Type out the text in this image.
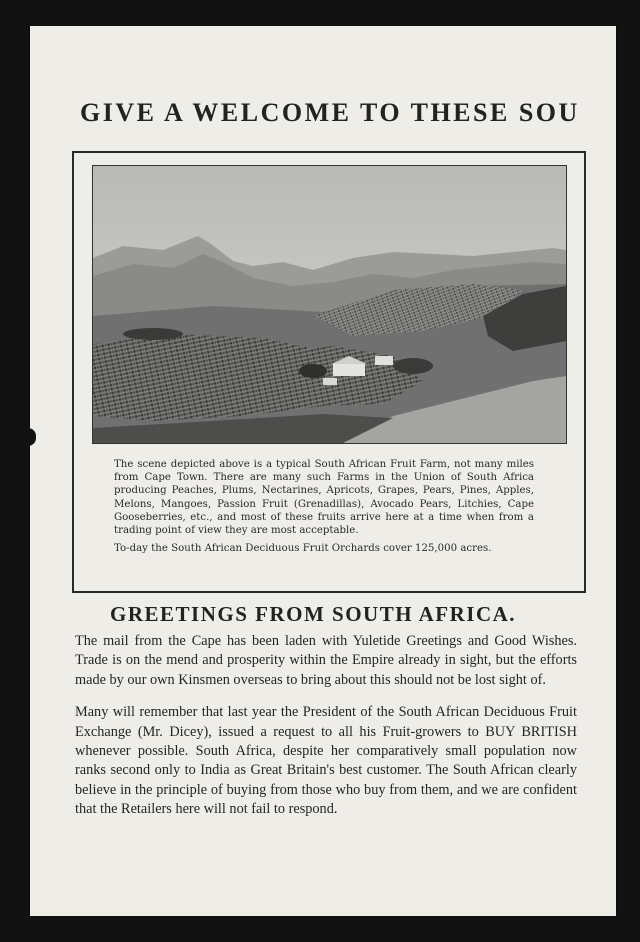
GIVE A WELCOME TO THESE SOU

The scene depicted above is a typical South African Fruit Farm, not many miles from Cape Town. There are many such Farms in the Union of South Africa producing Peaches, Plums, Nectarines, Apricots, Grapes, Pears, Pines, Apples, Melons, Mangoes, Passion Fruit (Grenadillas), Avocado Pears, Litchies, Cape Gooseberries, etc., and most of these fruits arrive here at a time when from a trading point of view they are most acceptable.

To-day the South African Deciduous Fruit Orchards cover 125,000 acres.

GREETINGS FROM SOUTH AFRICA.

The mail from the Cape has been laden with Yuletide Greetings and Good Wishes. Trade is on the mend and prosperity within the Empire already in sight, but the efforts made by our own Kinsmen overseas to bring about this should not be lost sight of.

Many will remember that last year the President of the South African Deciduous Fruit Exchange (Mr. Dicey), issued a request to all his Fruit-growers to BUY BRITISH whenever possible. South Africa, despite her comparatively small population now ranks second only to India as Great Britain's best customer. The South African clearly believe in the principle of buying from those who buy from them, and we are confident that the Retailers here will not fail to respond.
